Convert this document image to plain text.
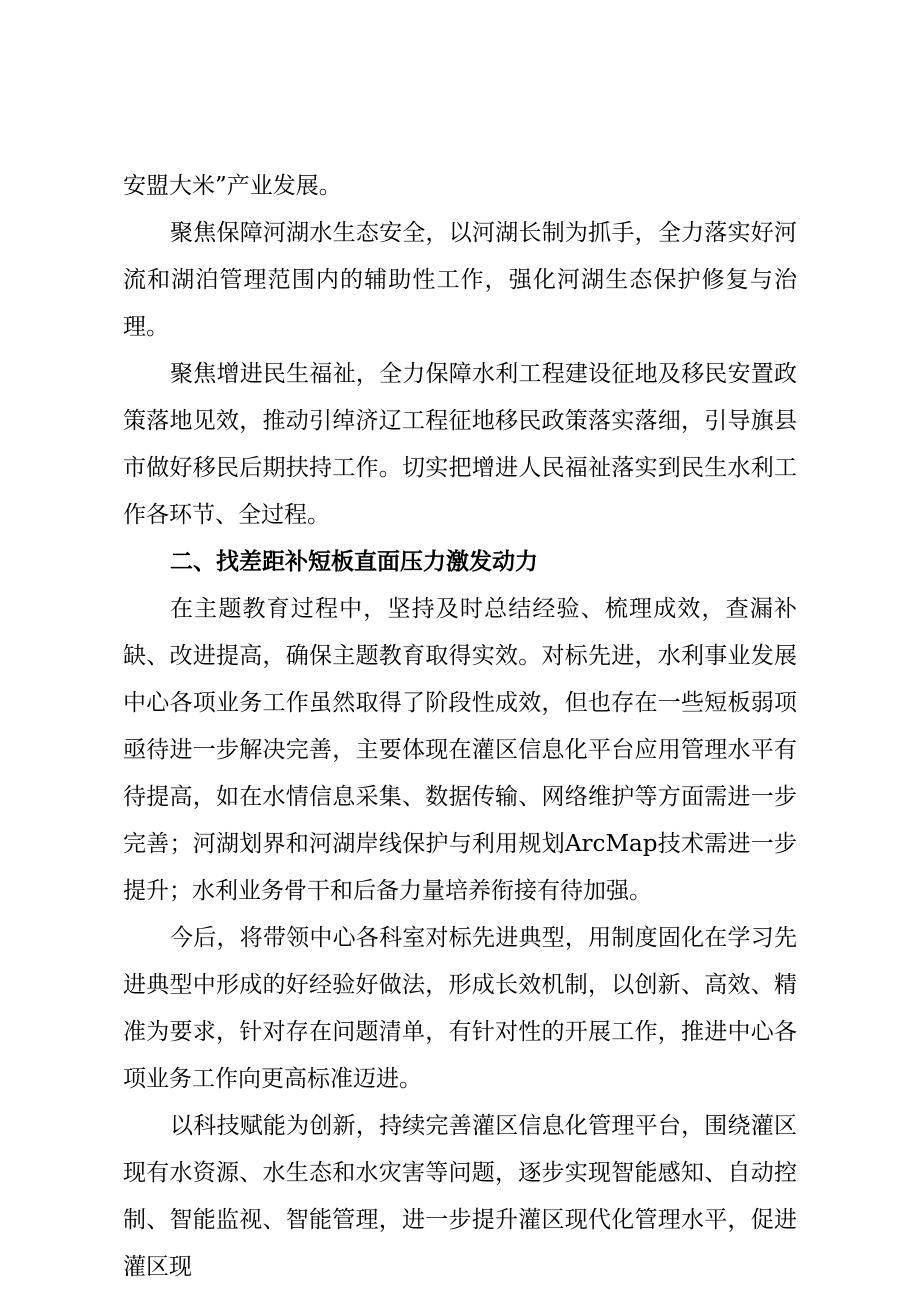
安盟大米”产业发展。

聚焦保障河湖水生态安全，以河湖长制为抓手，全力落实好河流和湖泊管理范围内的辅助性工作，强化河湖生态保护修复与治理。

聚焦增进民生福祉，全力保障水利工程建设征地及移民安置政策落地见效，推动引绰济辽工程征地移民政策落实落细，引导旗县市做好移民后期扶持工作。切实把增进人民福祉落实到民生水利工作各环节、全过程。

二、找差距补短板直面压力激发动力

在主题教育过程中，坚持及时总结经验、梳理成效，查漏补缺、改进提高，确保主题教育取得实效。对标先进，水利事业发展中心各项业务工作虽然取得了阶段性成效，但也存在一些短板弱项亟待进一步解决完善，主要体现在灌区信息化平台应用管理水平有待提高，如在水情信息采集、数据传输、网络维护等方面需进一步完善；河湖划界和河湖岸线保护与利用规划ArcMap技术需进一步提升；水利业务骨干和后备力量培养衔接有待加强。

今后，将带领中心各科室对标先进典型，用制度固化在学习先进典型中形成的好经验好做法，形成长效机制，以创新、高效、精准为要求，针对存在问题清单，有针对性的开展工作，推进中心各项业务工作向更高标准迈进。

以科技赋能为创新，持续完善灌区信息化管理平台，围绕灌区现有水资源、水生态和水灾害等问题，逐步实现智能感知、自动控制、智能监视、智能管理，进一步提升灌区现代化管理水平，促进灌区现
